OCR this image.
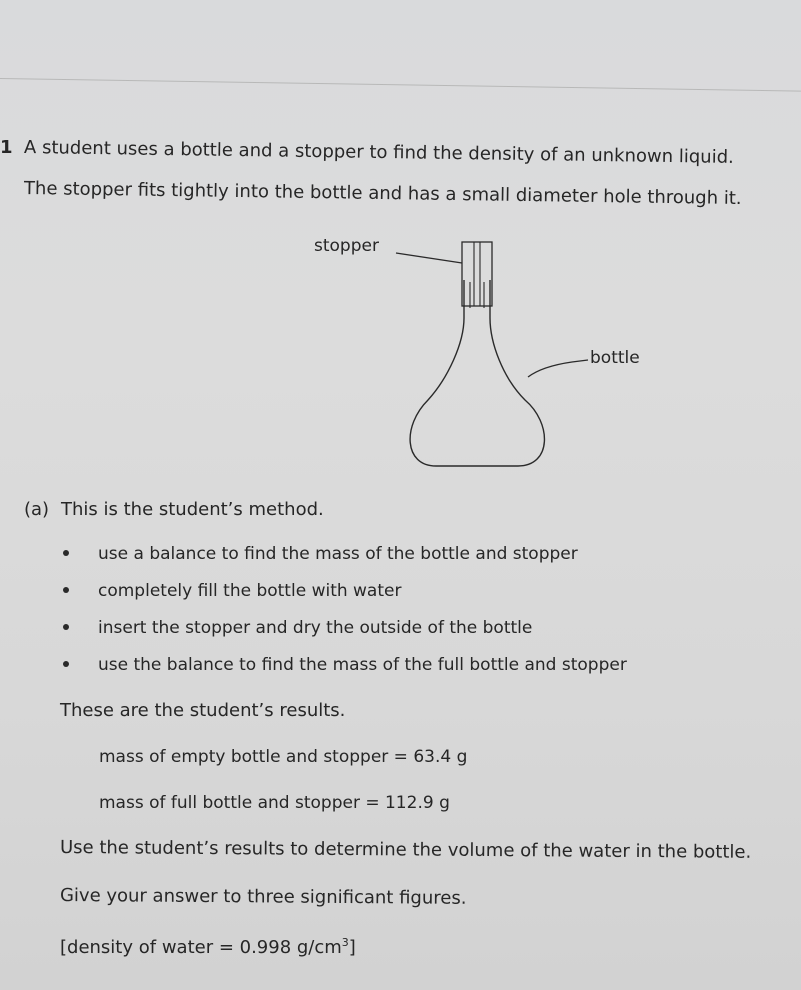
1 A student uses a bottle and a stopper to find the density of an unknown liquid.
The stopper fits tightly into the bottle and has a small diameter hole through it.
stopper
bottle
(a) This is the student’s method.
use a balance to find the mass of the bottle and stopper
completely fill the bottle with water
insert the stopper and dry the outside of the bottle
use the balance to find the mass of the full bottle and stopper
These are the student’s results.
mass of empty bottle and stopper = 63.4 g
mass of full bottle and stopper = 112.9 g
Use the student’s results to determine the volume of the water in the bottle.
Give your answer to three significant figures.
[density of water = 0.998 $g/cm^3$]
